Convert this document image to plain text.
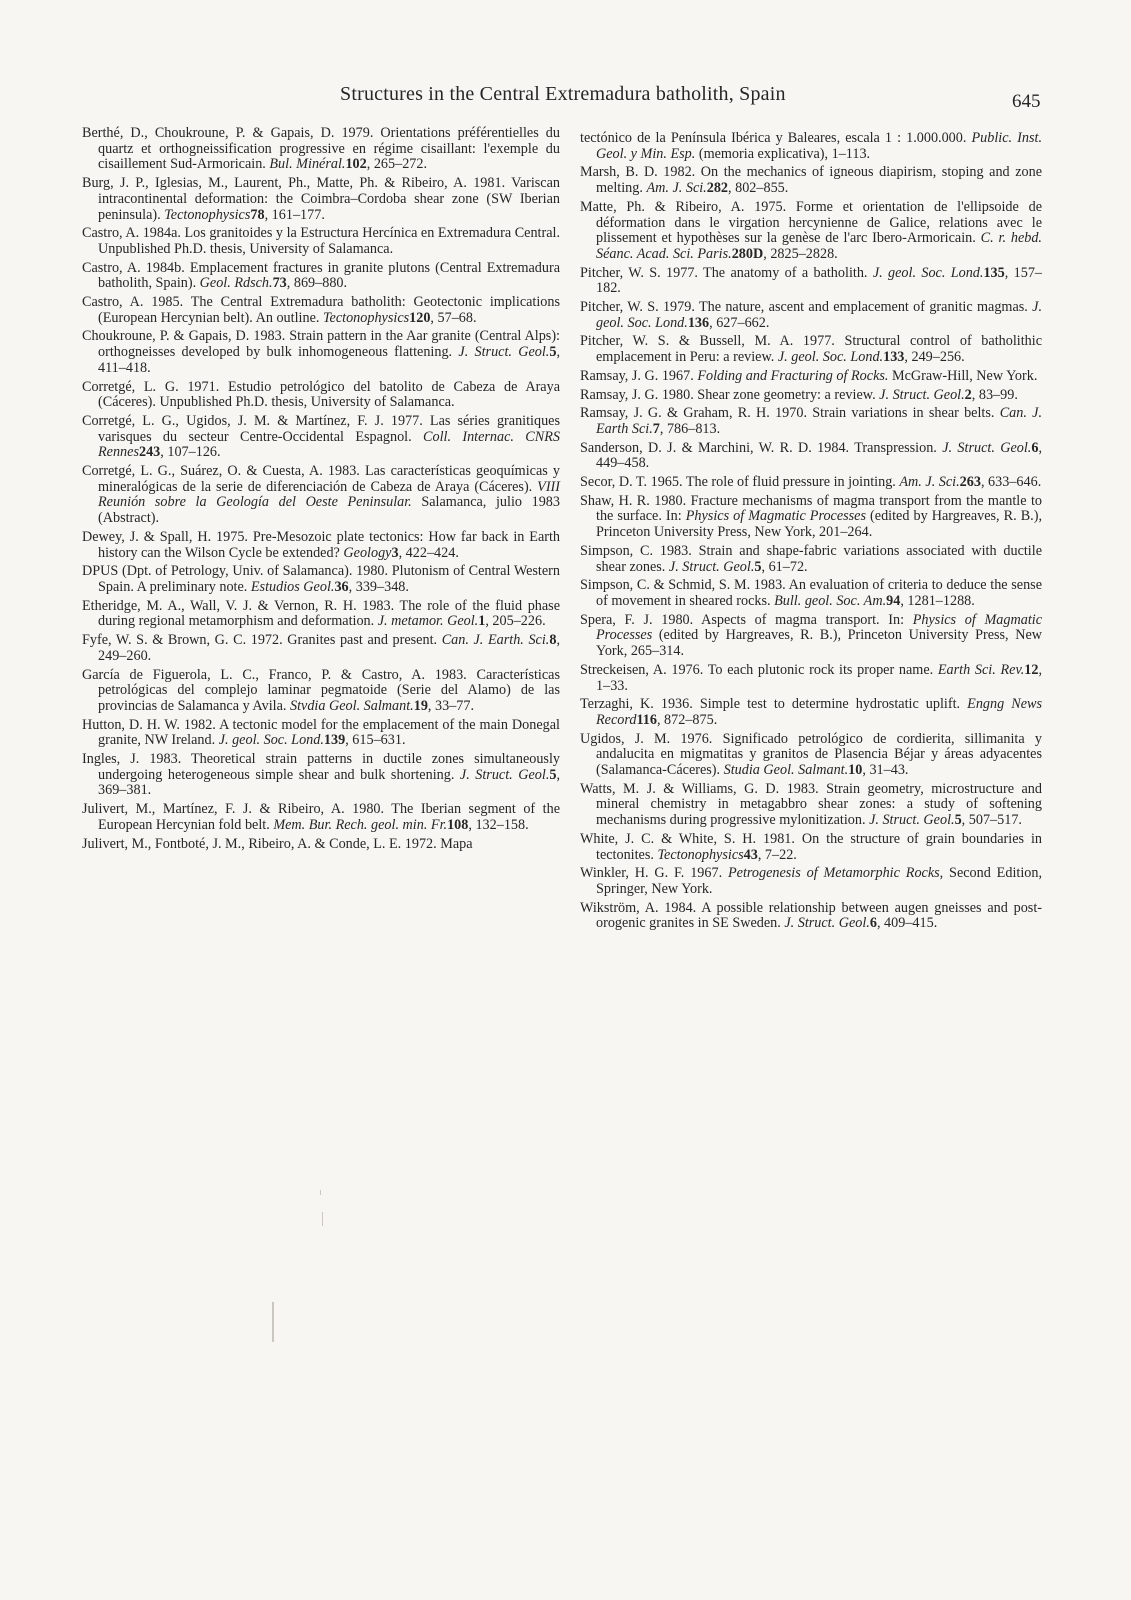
Structures in the Central Extremadura batholith, Spain	645

Berthé, D., Choukroune, P. & Gapais, D. 1979. Orientations préférentielles du quartz et orthogneissification progressive en régime cisaillant: l'exemple du cisaillement Sud-Armoricain. Bul. Minéral.102, 265–272.

Burg, J. P., Iglesias, M., Laurent, Ph., Matte, Ph. & Ribeiro, A. 1981. Variscan intracontinental deformation: the Coimbra–Cordoba shear zone (SW Iberian peninsula). Tectonophysics78, 161–177.

Castro, A. 1984a. Los granitoides y la Estructura Hercínica en Extremadura Central. Unpublished Ph.D. thesis, University of Salamanca.

Castro, A. 1984b. Emplacement fractures in granite plutons (Central Extremadura batholith, Spain). Geol. Rdsch.73, 869–880.

Castro, A. 1985. The Central Extremadura batholith: Geotectonic implications (European Hercynian belt). An outline. Tectonophysics120, 57–68.

Choukroune, P. & Gapais, D. 1983. Strain pattern in the Aar granite (Central Alps): orthogneisses developed by bulk inhomogeneous flattening. J. Struct. Geol.5, 411–418.

Corretgé, L. G. 1971. Estudio petrológico del batolito de Cabeza de Araya (Cáceres). Unpublished Ph.D. thesis, University of Salamanca.

Corretgé, L. G., Ugidos, J. M. & Martínez, F. J. 1977. Las séries granitiques varisques du secteur Centre-Occidental Espagnol. Coll. Internac. CNRS Rennes243, 107–126.

Corretgé, L. G., Suárez, O. & Cuesta, A. 1983. Las características geoquímicas y mineralógicas de la serie de diferenciación de Cabeza de Araya (Cáceres). VIII Reunión sobre la Geología del Oeste Peninsular. Salamanca, julio 1983 (Abstract).

Dewey, J. & Spall, H. 1975. Pre-Mesozoic plate tectonics: How far back in Earth history can the Wilson Cycle be extended? Geology3, 422–424.

DPUS (Dpt. of Petrology, Univ. of Salamanca). 1980. Plutonism of Central Western Spain. A preliminary note. Estudios Geol.36, 339–348.

Etheridge, M. A., Wall, V. J. & Vernon, R. H. 1983. The role of the fluid phase during regional metamorphism and deformation. J. metamor. Geol.1, 205–226.

Fyfe, W. S. & Brown, G. C. 1972. Granites past and present. Can. J. Earth. Sci.8, 249–260.

García de Figuerola, L. C., Franco, P. & Castro, A. 1983. Características petrológicas del complejo laminar pegmatoide (Serie del Alamo) de las provincias de Salamanca y Avila. Stvdia Geol. Salmant.19, 33–77.

Hutton, D. H. W. 1982. A tectonic model for the emplacement of the main Donegal granite, NW Ireland. J. geol. Soc. Lond.139, 615–631.

Ingles, J. 1983. Theoretical strain patterns in ductile zones simultaneously undergoing heterogeneous simple shear and bulk shortening. J. Struct. Geol.5, 369–381.

Julivert, M., Martínez, F. J. & Ribeiro, A. 1980. The Iberian segment of the European Hercynian fold belt. Mem. Bur. Rech. geol. min. Fr.108, 132–158.

Julivert, M., Fontboté, J. M., Ribeiro, A. & Conde, L. E. 1972. Mapa

tectónico de la Península Ibérica y Baleares, escala 1 : 1.000.000. Public. Inst. Geol. y Min. Esp. (memoria explicativa), 1–113.

Marsh, B. D. 1982. On the mechanics of igneous diapirism, stoping and zone melting. Am. J. Sci.282, 802–855.

Matte, Ph. & Ribeiro, A. 1975. Forme et orientation de l'ellipsoide de déformation dans le virgation hercynienne de Galice, relations avec le plissement et hypothèses sur la genèse de l'arc Ibero-Armoricain. C. r. hebd. Séanc. Acad. Sci. Paris.280D, 2825–2828.

Pitcher, W. S. 1977. The anatomy of a batholith. J. geol. Soc. Lond.135, 157–182.

Pitcher, W. S. 1979. The nature, ascent and emplacement of granitic magmas. J. geol. Soc. Lond.136, 627–662.

Pitcher, W. S. & Bussell, M. A. 1977. Structural control of batholithic emplacement in Peru: a review. J. geol. Soc. Lond.133, 249–256.

Ramsay, J. G. 1967. Folding and Fracturing of Rocks. McGraw-Hill, New York.

Ramsay, J. G. 1980. Shear zone geometry: a review. J. Struct. Geol.2, 83–99.

Ramsay, J. G. & Graham, R. H. 1970. Strain variations in shear belts. Can. J. Earth Sci.7, 786–813.

Sanderson, D. J. & Marchini, W. R. D. 1984. Transpression. J. Struct. Geol.6, 449–458.

Secor, D. T. 1965. The role of fluid pressure in jointing. Am. J. Sci.263, 633–646.

Shaw, H. R. 1980. Fracture mechanisms of magma transport from the mantle to the surface. In: Physics of Magmatic Processes (edited by Hargreaves, R. B.), Princeton University Press, New York, 201–264.

Simpson, C. 1983. Strain and shape-fabric variations associated with ductile shear zones. J. Struct. Geol.5, 61–72.

Simpson, C. & Schmid, S. M. 1983. An evaluation of criteria to deduce the sense of movement in sheared rocks. Bull. geol. Soc. Am.94, 1281–1288.

Spera, F. J. 1980. Aspects of magma transport. In: Physics of Magmatic Processes (edited by Hargreaves, R. B.), Princeton University Press, New York, 265–314.

Streckeisen, A. 1976. To each plutonic rock its proper name. Earth Sci. Rev.12, 1–33.

Terzaghi, K. 1936. Simple test to determine hydrostatic uplift. Engng News Record116, 872–875.

Ugidos, J. M. 1976. Significado petrológico de cordierita, sillimanita y andalucita en migmatitas y granitos de Plasencia Béjar y áreas adyacentes (Salamanca-Cáceres). Studia Geol. Salmant.10, 31–43.

Watts, M. J. & Williams, G. D. 1983. Strain geometry, microstructure and mineral chemistry in metagabbro shear zones: a study of softening mechanisms during progressive mylonitization. J. Struct. Geol.5, 507–517.

White, J. C. & White, S. H. 1981. On the structure of grain boundaries in tectonites. Tectonophysics43, 7–22.

Winkler, H. G. F. 1967. Petrogenesis of Metamorphic Rocks, Second Edition, Springer, New York.

Wikström, A. 1984. A possible relationship between augen gneisses and post-orogenic granites in SE Sweden. J. Struct. Geol.6, 409–415.
